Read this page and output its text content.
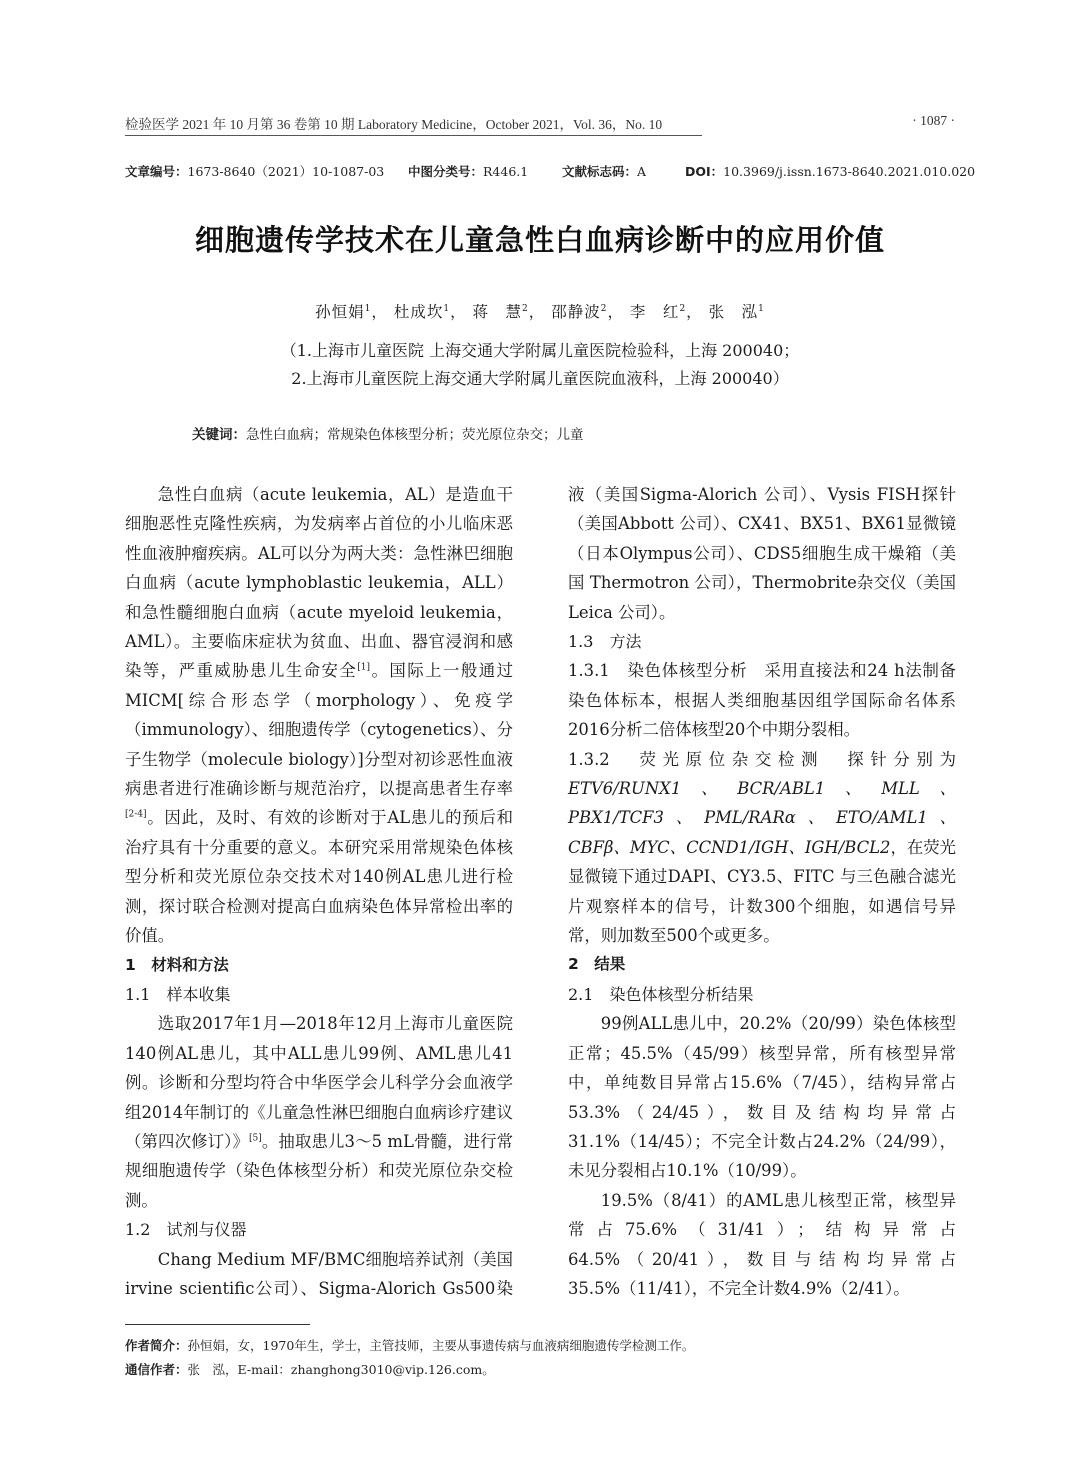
检验医学 2021 年 10 月第 36 卷第 10 期 Laboratory Medicine，October 2021，Vol. 36，No. 10	· 1087 ·
文章编号：1673-8640（2021）10-1087-03 中图分类号：R446.1	文献标志码：A	DOI：10.3969/j.issn.1673-8640.2021.010.020
细胞遗传学技术在儿童急性白血病诊断中的应用价值
孙恒娟$^1$， 杜成坎$^1$， 蒋　慧$^2$， 邵静波$^2$， 李　红$^2$， 张　泓$^1$
（1.上海市儿童医院 上海交通大学附属儿童医院检验科，上海 200040；
2.上海市儿童医院上海交通大学附属儿童医院血液科，上海 200040）
关键词：急性白血病；常规染色体核型分析；荧光原位杂交；儿童

急性白血病（acute leukemia，AL）是造血干细胞恶性克隆性疾病，为发病率占首位的小儿临床恶性血液肿瘤疾病。AL可以分为两大类：急性淋巴细胞白血病（acute lymphoblastic leukemia，ALL）和急性髓细胞白血病（acute myeloid leukemia，AML）。主要临床症状为贫血、出血、器官浸润和感染等，严重威胁患儿生命安全[1]。国际上一般通过MICM[综合形态学（morphology）、免疫学（immunology）、细胞遗传学（cytogenetics）、分子生物学（molecule biology）]分型对初诊恶性血液病患者进行准确诊断与规范治疗，以提高患者生存率[2-4]。因此，及时、有效的诊断对于AL患儿的预后和治疗具有十分重要的意义。本研究采用常规染色体核型分析和荧光原位杂交技术对140例AL患儿进行检测，探讨联合检测对提高白血病染色体异常检出率的价值。

1　材料和方法

1.1　样本收集

选取2017年1月—2018年12月上海市儿童医院140例AL患儿，其中ALL患儿99例、AML患儿41例。诊断和分型均符合中华医学会儿科学分会血液学组2014年制订的《儿童急性淋巴细胞白血病诊疗建议（第四次修订）》[5]。抽取患儿3～5 mL骨髓，进行常规细胞遗传学（染色体核型分析）和荧光原位杂交检测。

1.2　试剂与仪器

Chang Medium MF/BMC细胞培养试剂（美国irvine scientific公司）、Sigma-Alorich Gs500染

液（美国Sigma-Alorich 公司）、Vysis FISH探针（美国Abbott 公司）、CX41、BX51、BX61显微镜（日本Olympus公司）、CDS5细胞生成干燥箱（美国 Thermotron 公司），Thermobrite杂交仪（美国Leica 公司）。

1.3　方法

1.3.1　染色体核型分析　 采用直接法和24 h法制备染色体标本，根据人类细胞基因组学国际命名体系2016分析二倍体核型20个中期分裂相。

1.3.2　荧光原位杂交检测　 探针分别为ETV6/RUNX1、BCR/ABL1、MLL、PBX1/TCF3、PML/RARα、ETO/AML1、CBFβ、MYC、CCND1/IGH、IGH/BCL2，在荧光显微镜下通过DAPI、CY3.5、FITC 与三色融合滤光片观察样本的信号，计数300个细胞，如遇信号异常，则加数至500个或更多。

2　结果

2.1　染色体核型分析结果

99例ALL患儿中，20.2%（20/99）染色体核型正常；45.5%（45/99）核型异常，所有核型异常中，单纯数目异常占15.6%（7/45），结构异常占53.3%（24/45），数目及结构均异常占31.1%（14/45）；不完全计数占24.2%（24/99），未见分裂相占10.1%（10/99）。

19.5%（8/41）的AML患儿核型正常，核型异常占75.6%（31/41）；结构异常占64.5%（20/41），数目与结构均异常占35.5%（11/41），不完全计数4.9%（2/41）。

作者简介：孙恒娟，女，1970年生，学士，主管技师，主要从事遗传病与血液病细胞遗传学检测工作。
通信作者：张　泓，E-mail：zhanghong3010@vip.126.com。
